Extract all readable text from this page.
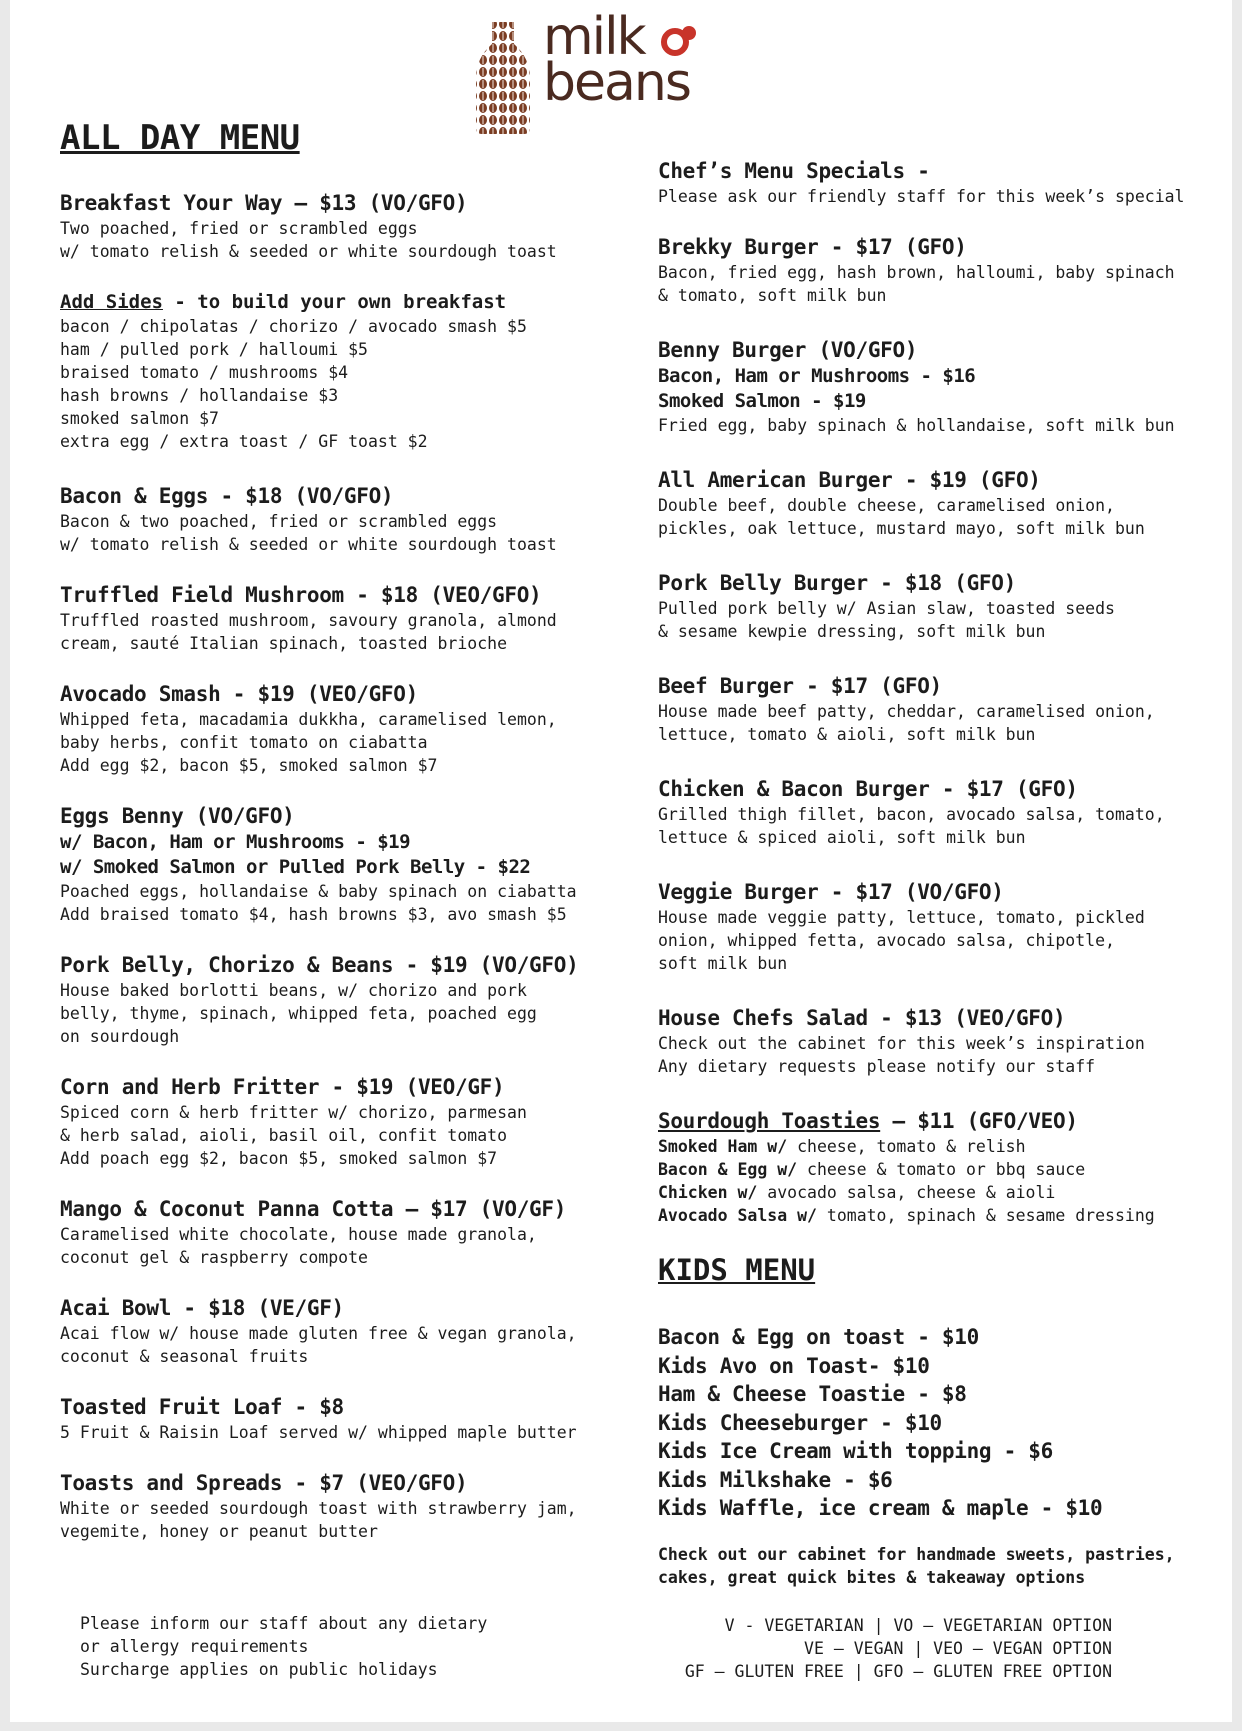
milk
beans
ALL DAY MENU
Breakfast Your Way – $13 (VO/GFO)
Two poached, fried or scrambled eggs
w/ tomato relish & seeded or white sourdough toast
Add Sides - to build your own breakfast
bacon / chipolatas / chorizo / avocado smash $5
ham / pulled pork / halloumi $5
braised tomato / mushrooms $4
hash browns / hollandaise $3
smoked salmon $7
extra egg / extra toast / GF toast $2
Bacon & Eggs - $18 (VO/GFO)
Bacon & two poached, fried or scrambled eggs
w/ tomato relish & seeded or white sourdough toast
Truffled Field Mushroom - $18 (VEO/GFO)
Truffled roasted mushroom, savoury granola, almond
cream, sauté Italian spinach, toasted brioche
Avocado Smash - $19 (VEO/GFO)
Whipped feta, macadamia dukkha, caramelised lemon,
baby herbs, confit tomato on ciabatta
Add egg $2, bacon $5, smoked salmon $7
Eggs Benny (VO/GFO)
w/ Bacon, Ham or Mushrooms - $19
w/ Smoked Salmon or Pulled Pork Belly - $22
Poached eggs, hollandaise & baby spinach on ciabatta
Add braised tomato $4, hash browns $3, avo smash $5
Pork Belly, Chorizo & Beans - $19 (VO/GFO)
House baked borlotti beans, w/ chorizo and pork
belly, thyme, spinach, whipped feta, poached egg
on sourdough
Corn and Herb Fritter - $19 (VEO/GF)
Spiced corn & herb fritter w/ chorizo, parmesan
& herb salad, aioli, basil oil, confit tomato
Add poach egg $2, bacon $5, smoked salmon $7
Mango & Coconut Panna Cotta – $17 (VO/GF)
Caramelised white chocolate, house made granola,
coconut gel & raspberry compote
Acai Bowl - $18 (VE/GF)
Acai flow w/ house made gluten free & vegan granola,
coconut & seasonal fruits
Toasted Fruit Loaf - $8
5 Fruit & Raisin Loaf served w/ whipped maple butter
Toasts and Spreads - $7 (VEO/GFO)
White or seeded sourdough toast with strawberry jam,
vegemite, honey or peanut butter
Chef’s Menu Specials -
Please ask our friendly staff for this week’s special
Brekky Burger - $17 (GFO)
Bacon, fried egg, hash brown, halloumi, baby spinach
& tomato, soft milk bun
Benny Burger (VO/GFO)
Bacon, Ham or Mushrooms - $16
Smoked Salmon - $19
Fried egg, baby spinach & hollandaise, soft milk bun
All American Burger - $19 (GFO)
Double beef, double cheese, caramelised onion,
pickles, oak lettuce, mustard mayo, soft milk bun
Pork Belly Burger - $18 (GFO)
Pulled pork belly w/ Asian slaw, toasted seeds
& sesame kewpie dressing, soft milk bun
Beef Burger - $17 (GFO)
House made beef patty, cheddar, caramelised onion,
lettuce, tomato & aioli, soft milk bun
Chicken & Bacon Burger - $17 (GFO)
Grilled thigh fillet, bacon, avocado salsa, tomato,
lettuce & spiced aioli, soft milk bun
Veggie Burger - $17 (VO/GFO)
House made veggie patty, lettuce, tomato, pickled
onion, whipped fetta, avocado salsa, chipotle,
soft milk bun
House Chefs Salad - $13 (VEO/GFO)
Check out the cabinet for this week’s inspiration
Any dietary requests please notify our staff
Sourdough Toasties – $11 (GFO/VEO)
Smoked Ham w/ cheese, tomato & relish
Bacon & Egg w/ cheese & tomato or bbq sauce
Chicken w/ avocado salsa, cheese & aioli
Avocado Salsa w/ tomato, spinach & sesame dressing
KIDS MENU
Bacon & Egg on toast - $10
Kids Avo on Toast- $10
Ham & Cheese Toastie - $8
Kids Cheeseburger - $10
Kids Ice Cream with topping - $6
Kids Milkshake - $6
Kids Waffle, ice cream & maple - $10
Check out our cabinet for handmade sweets, pastries,
cakes, great quick bites & takeaway options
Please inform our staff about any dietary
or allergy requirements
Surcharge applies on public holidays
V - VEGETARIAN | VO – VEGETARIAN OPTION
VE – VEGAN | VEO – VEGAN OPTION
GF – GLUTEN FREE | GFO – GLUTEN FREE OPTION
